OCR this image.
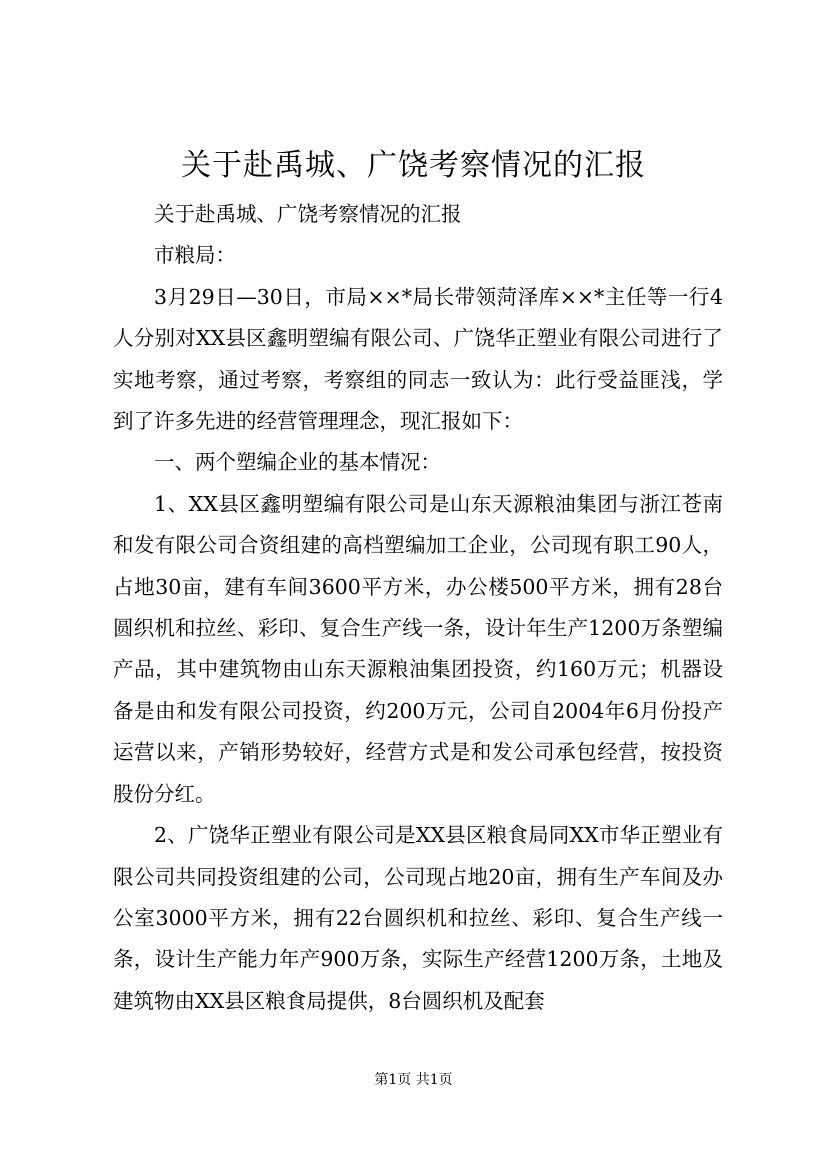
关于赴禹城、广饶考察情况的汇报

关于赴禹城、广饶考察情况的汇报

市粮局：

3月29日—30日，市局××*局长带领菏泽库××*主任等一行4人分别对XX县区鑫明塑编有限公司、广饶华正塑业有限公司进行了实地考察，通过考察，考察组的同志一致认为：此行受益匪浅，学到了许多先进的经营管理理念，现汇报如下：

一、两个塑编企业的基本情况：

1、XX县区鑫明塑编有限公司是山东天源粮油集团与浙江苍南和发有限公司合资组建的高档塑编加工企业，公司现有职工90人，占地30亩，建有车间3600平方米，办公楼500平方米，拥有28台圆织机和拉丝、彩印、复合生产线一条，设计年生产1200万条塑编产品，其中建筑物由山东天源粮油集团投资，约160万元；机器设备是由和发有限公司投资，约200万元，公司自2004年6月份投产运营以来，产销形势较好，经营方式是和发公司承包经营，按投资股份分红。

2、广饶华正塑业有限公司是XX县区粮食局同XX市华正塑业有限公司共同投资组建的公司，公司现占地20亩，拥有生产车间及办公室3000平方米，拥有22台圆织机和拉丝、彩印、复合生产线一条，设计生产能力年产900万条，实际生产经营1200万条，土地及建筑物由XX县区粮食局提供，8台圆织机及配套

第1页 共1页
